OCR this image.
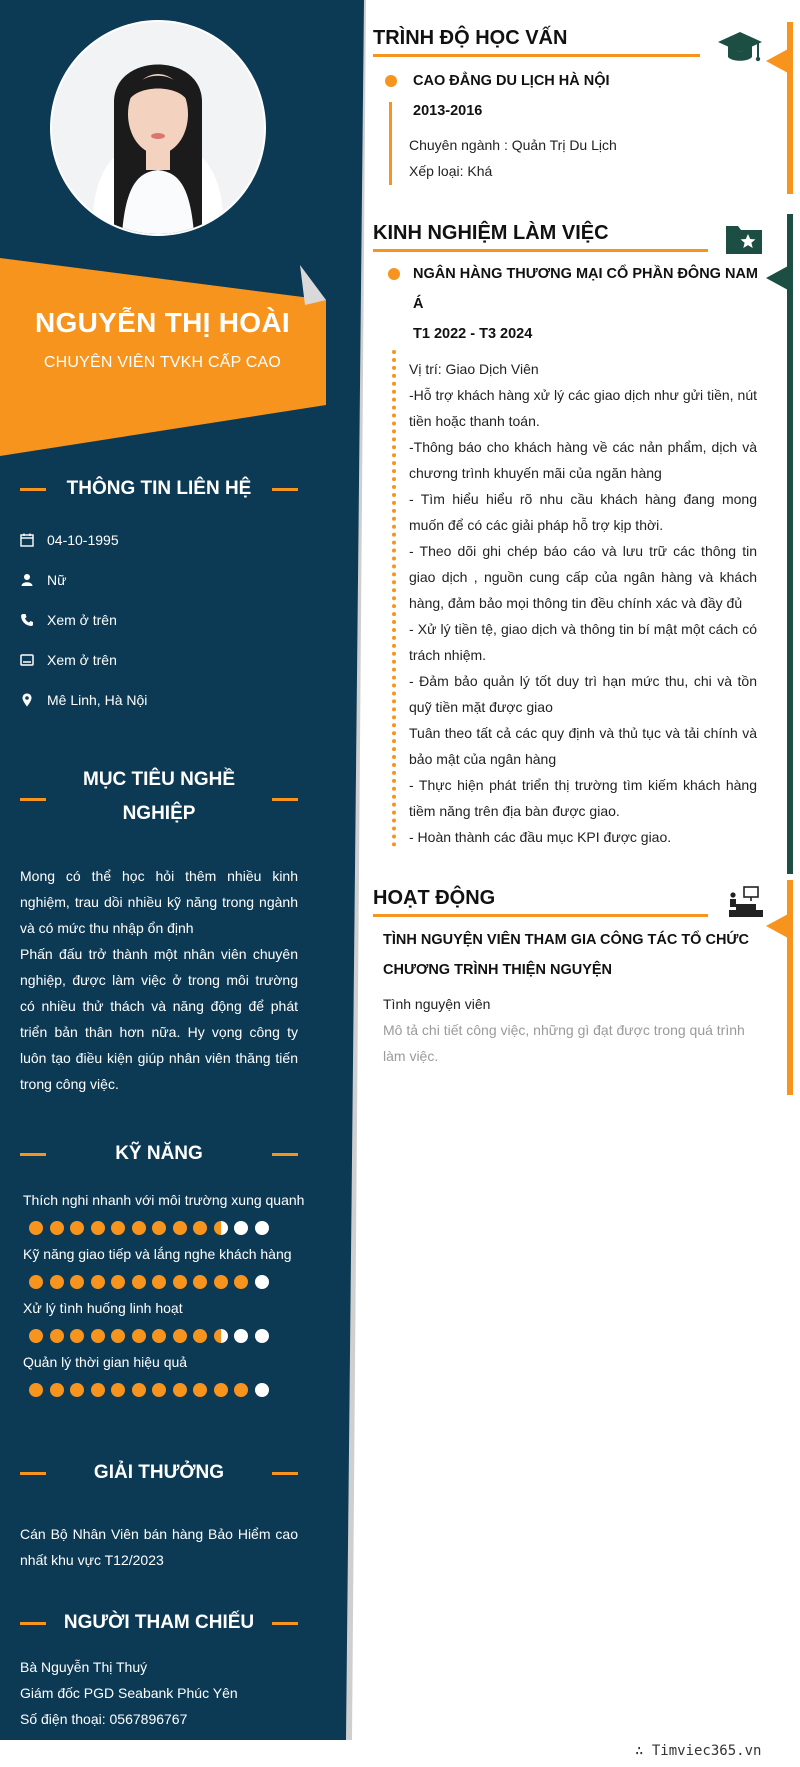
NGUYỄN THỊ HOÀI
CHUYÊN VIÊN TVKH CẤP CAO
THÔNG TIN LIÊN HỆ
04-10-1995
Nữ
Xem ở trên
Xem ở trên
Mê Linh, Hà Nội
MỤC TIÊU NGHỀ
NGHIỆP
Mong có thể học hỏi thêm nhiều kinh nghiệm, trau dồi nhiều kỹ năng trong ngành và có mức thu nhập ổn định
Phấn đấu trở thành một nhân viên chuyên nghiệp, được làm việc ở trong môi trường có nhiều thử thách và năng động để phát triển bản thân hơn nữa. Hy vọng công ty luôn tạo điều kiện giúp nhân viên thăng tiến trong công việc.
KỸ NĂNG
Thích nghi nhanh với môi trường xung quanh
Kỹ năng giao tiếp và lắng nghe khách hàng
Xử lý tình huống linh hoạt
Quản lý thời gian hiệu quả
GIẢI THƯỞNG
Cán Bộ Nhân Viên bán hàng Bảo Hiểm cao nhất khu vực T12/2023
NGƯỜI THAM CHIẾU
Bà Nguyễn Thị Thuý
Giám đốc PGD Seabank Phúc Yên
Số điện thoại: 0567896767
TRÌNH ĐỘ HỌC VẤN
CAO ĐẲNG DU LỊCH HÀ NỘI
2013-2016
Chuyên ngành : Quản Trị Du Lịch
Xếp loại: Khá
KINH NGHIỆM LÀM VIỆC
NGÂN HÀNG THƯƠNG MẠI CỔ PHẦN ĐÔNG NAM
Á
T1 2022 - T3 2024
Vị trí: Giao Dịch Viên
-Hỗ trợ khách hàng xử lý các giao dịch như gửi tiền, nút tiền hoặc thanh toán.
-Thông báo cho khách hàng về các nản phẩm, dịch và chương trình khuyến mãi của ngăn hàng
- Tìm hiểu hiểu rõ nhu cầu khách hàng đang mong muốn để có các giải pháp hỗ trợ kịp thời.
- Theo dõi ghi chép báo cáo và lưu trữ các thông tin giao dịch , nguồn cung cấp của ngân hàng và khách hàng, đảm bảo mọi thông tin đều chính xác và đầy đủ
- Xử lý tiền tệ, giao dịch và thông tin bí mật một cách có trách nhiệm.
- Đảm bảo quản lý tốt duy trì hạn mức thu, chi và tồn quỹ tiền mặt được giao
Tuân theo tất cả các quy định và thủ tục và tải chính và bảo mật của ngân hàng
- Thực hiện phát triển thị trường tìm kiếm khách hàng tiềm năng trên địa bàn được giao.
- Hoàn thành các đầu mục KPI được giao.
HOẠT ĐỘNG
TÌNH NGUYỆN VIÊN THAM GIA CÔNG TÁC TỔ CHỨC CHƯƠNG TRÌNH THIỆN NGUYỆN
Tình nguyện viên
Mô tả chi tiết công việc, những gì đạt được trong quá trình làm việc.
∴ Timviec365.vn
